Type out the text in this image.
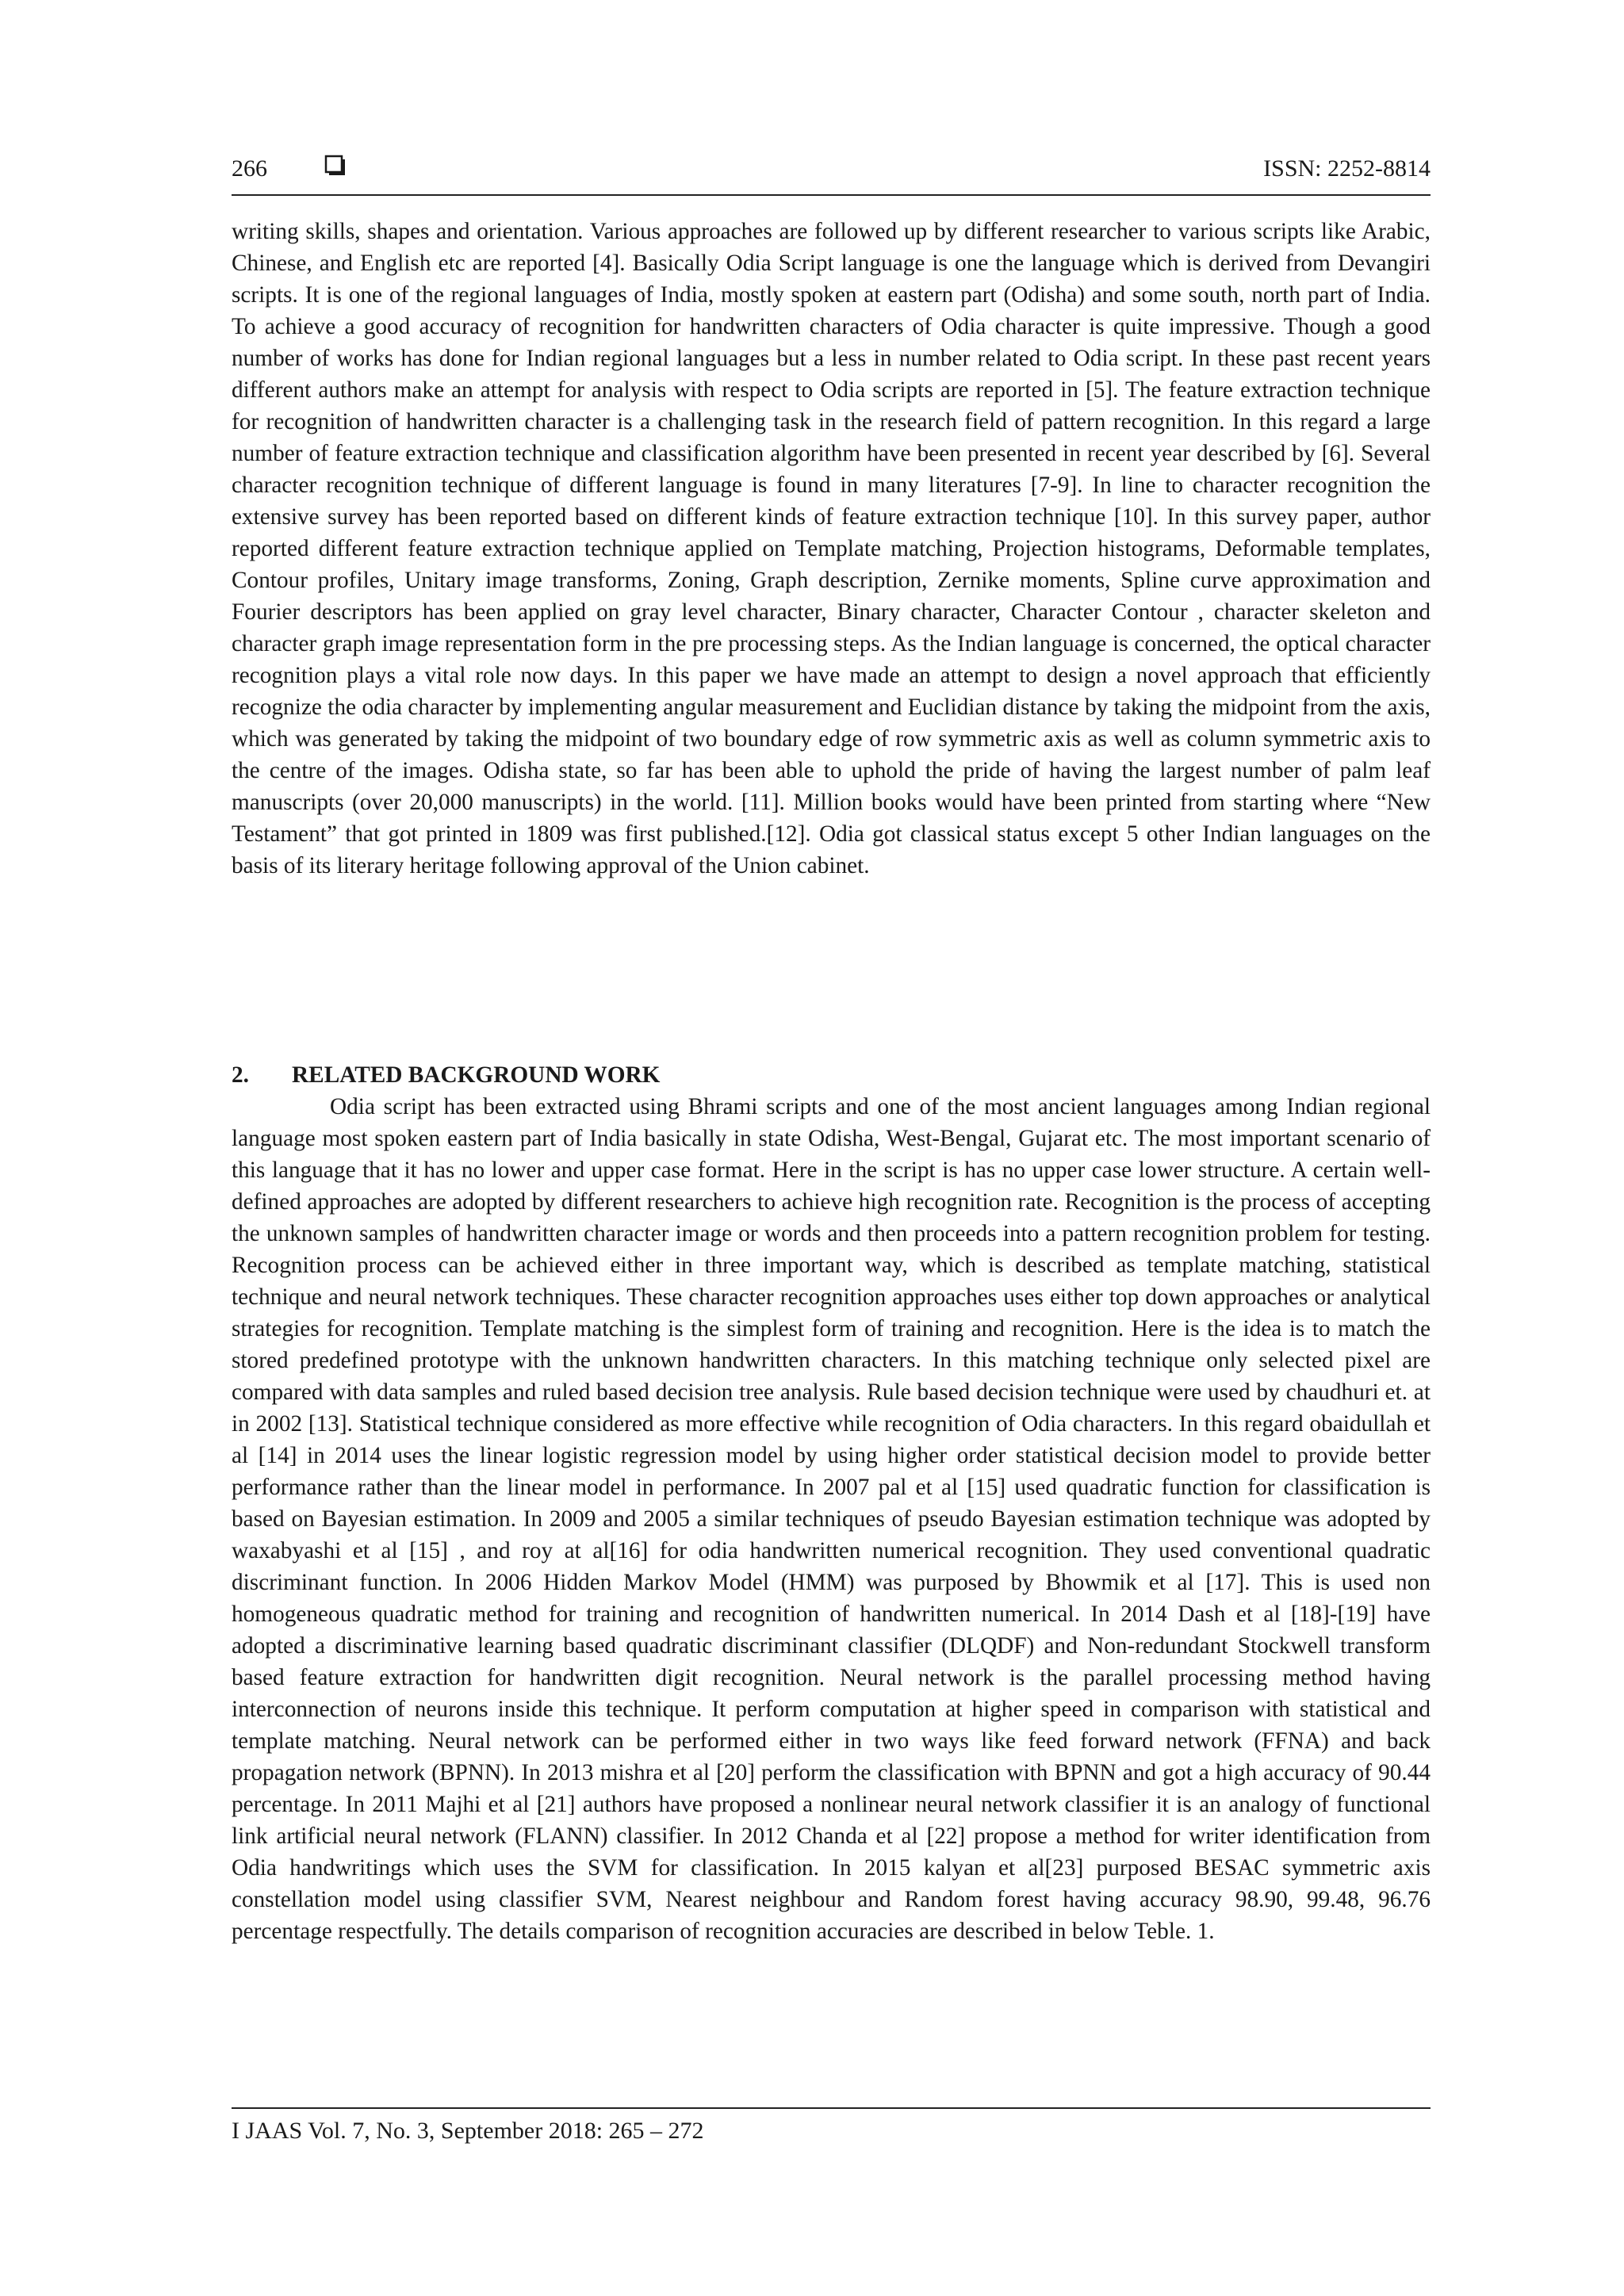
266	ISSN: 2252-8814

writing skills, shapes and orientation. Various approaches are followed up by different researcher to various scripts like Arabic, Chinese, and English etc are reported [4]. Basically Odia Script language is one the language which is derived from Devangiri scripts. It is one of the regional languages of India, mostly spoken at eastern part (Odisha) and some south, north part of India. To achieve a good accuracy of recognition for handwritten characters of Odia character is quite impressive. Though a good number of works has done for Indian regional languages but a less in number related to Odia script. In these past recent years different authors make an attempt for analysis with respect to Odia scripts are reported in [5]. The feature extraction technique for recognition of handwritten character is a challenging task in the research field of pattern recognition. In this regard a large number of feature extraction technique and classification algorithm have been presented in recent year described by [6]. Several character recognition technique of different language is found in many literatures [7-9]. In line to character recognition the extensive survey has been reported based on different kinds of feature extraction technique [10]. In this survey paper, author reported different feature extraction technique applied on Template matching, Projection histograms, Deformable templates, Contour profiles, Unitary image transforms, Zoning, Graph description, Zernike moments, Spline curve approximation and Fourier descriptors has been applied on gray level character, Binary character, Character Contour , character skeleton and character graph image representation form in the pre processing steps. As the Indian language is concerned, the optical character recognition plays a vital role now days. In this paper we have made an attempt to design a novel approach that efficiently recognize the odia character by implementing angular measurement and Euclidian distance by taking the midpoint from the axis, which was generated by taking the midpoint of two boundary edge of row symmetric axis as well as column symmetric axis to the centre of the images. Odisha state, so far has been able to uphold the pride of having the largest number of palm leaf manuscripts (over 20,000 manuscripts) in the world. [11]. Million books would have been printed from starting where “New Testament” that got printed in 1809 was first published.[12]. Odia got classical status except 5 other Indian languages on the basis of its literary heritage following approval of the Union cabinet.

2. RELATED BACKGROUND WORK

Odia script has been extracted using Bhrami scripts and one of the most ancient languages among Indian regional language most spoken eastern part of India basically in state Odisha, West-Bengal, Gujarat etc. The most important scenario of this language that it has no lower and upper case format. Here in the script is has no upper case lower structure. A certain well-defined approaches are adopted by different researchers to achieve high recognition rate. Recognition is the process of accepting the unknown samples of handwritten character image or words and then proceeds into a pattern recognition problem for testing. Recognition process can be achieved either in three important way, which is described as template matching, statistical technique and neural network techniques. These character recognition approaches uses either top down approaches or analytical strategies for recognition. Template matching is the simplest form of training and recognition. Here is the idea is to match the stored predefined prototype with the unknown handwritten characters. In this matching technique only selected pixel are compared with data samples and ruled based decision tree analysis. Rule based decision technique were used by chaudhuri et. at in 2002 [13]. Statistical technique considered as more effective while recognition of Odia characters. In this regard obaidullah et al [14] in 2014 uses the linear logistic regression model by using higher order statistical decision model to provide better performance rather than the linear model in performance. In 2007 pal et al [15] used quadratic function for classification is based on Bayesian estimation. In 2009 and 2005 a similar techniques of pseudo Bayesian estimation technique was adopted by waxabyashi et al [15] , and roy at al[16] for odia handwritten numerical recognition. They used conventional quadratic discriminant function. In 2006 Hidden Markov Model (HMM) was purposed by Bhowmik et al [17]. This is used non homogeneous quadratic method for training and recognition of handwritten numerical. In 2014 Dash et al [18]-[19] have adopted a discriminative learning based quadratic discriminant classifier (DLQDF) and Non-redundant Stockwell transform based feature extraction for handwritten digit recognition. Neural network is the parallel processing method having interconnection of neurons inside this technique. It perform computation at higher speed in comparison with statistical and template matching. Neural network can be performed either in two ways like feed forward network (FFNA) and back propagation network (BPNN). In 2013 mishra et al [20] perform the classification with BPNN and got a high accuracy of 90.44 percentage. In 2011 Majhi et al [21] authors have proposed a nonlinear neural network classifier it is an analogy of functional link artificial neural network (FLANN) classifier. In 2012 Chanda et al [22] propose a method for writer identification from Odia handwritings which uses the SVM for classification. In 2015 kalyan et al[23] purposed BESAC symmetric axis constellation model using classifier SVM, Nearest neighbour and Random forest having accuracy 98.90, 99.48, 96.76 percentage respectfully. The details comparison of recognition accuracies are described in below Teble. 1.

I JAAS Vol. 7, No. 3, September 2018: 265 – 272
